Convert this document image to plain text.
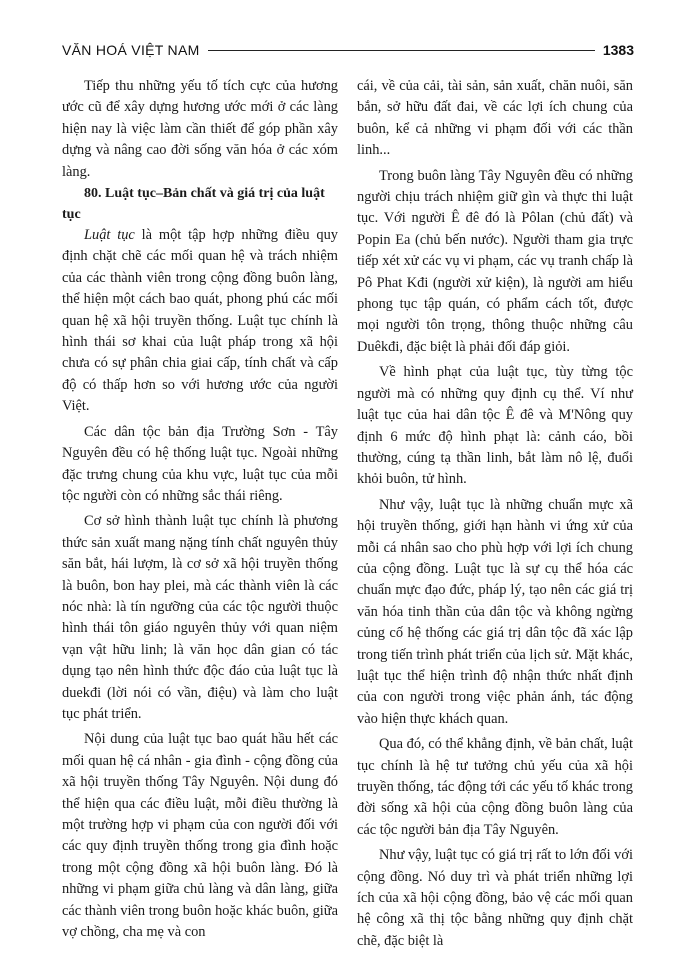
VĂN HOÁ VIỆT NAM	1383

Tiếp thu những yếu tố tích cực của hương ước cũ để xây dựng hương ước mới ở các làng hiện nay là việc làm cần thiết để góp phần xây dựng và nâng cao đời sống văn hóa ở các xóm làng.

80. Luật tục–Bản chất và giá trị của luật tục

Luật tục là một tập hợp những điều quy định chặt chẽ các mối quan hệ và trách nhiệm của các thành viên trong cộng đồng buôn làng, thể hiện một cách bao quát, phong phú các mối quan hệ xã hội truyền thống. Luật tục chính là hình thái sơ khai của luật pháp trong xã hội chưa có sự phân chia giai cấp, tính chất và cấp độ có thấp hơn so với hương ước của người Việt.

Các dân tộc bản địa Trường Sơn - Tây Nguyên đều có hệ thống luật tục. Ngoài những đặc trưng chung của khu vực, luật tục của mỗi tộc người còn có những sắc thái riêng.

Cơ sở hình thành luật tục chính là phương thức sản xuất mang nặng tính chất nguyên thủy săn bắt, hái lượm, là cơ sở xã hội truyền thống là buôn, bon hay plei, mà các thành viên là các nóc nhà: là tín ngưỡng của các tộc người thuộc hình thái tôn giáo nguyên thủy với quan niệm vạn vật hữu linh; là văn học dân gian có tác dụng tạo nên hình thức độc đáo của luật tục là duekđi (lời nói có vần, điệu) và làm cho luật tục phát triển.

Nội dung của luật tục bao quát hầu hết các mối quan hệ cá nhân - gia đình - cộng đồng của xã hội truyền thống Tây Nguyên. Nội dung đó thể hiện qua các điều luật, mỗi điều thường là một trường hợp vi phạm của con người đối với các quy định truyền thống trong gia đình hoặc trong một cộng đồng xã hội buôn làng. Đó là những vi phạm giữa chủ làng và dân làng, giữa các thành viên trong buôn hoặc khác buôn, giữa vợ chồng, cha mẹ và con

cái, về của cải, tài sản, sản xuất, chăn nuôi, săn bắn, sở hữu đất đai, về các lợi ích chung của buôn, kể cả những vi phạm đối với các thần linh...

Trong buôn làng Tây Nguyên đều có những người chịu trách nhiệm giữ gìn và thực thi luật tục. Với người Ê đê đó là Pôlan (chủ đất) và Popin Ea (chủ bến nước). Người tham gia trực tiếp xét xử các vụ vi phạm, các vụ tranh chấp là Pô Phat Kđi (người xử kiện), là người am hiểu phong tục tập quán, có phẩm cách tốt, được mọi người tôn trọng, thông thuộc những câu Duêkđi, đặc biệt là phải đối đáp giỏi.

Về hình phạt của luật tục, tùy từng tộc người mà có những quy định cụ thể. Ví như luật tục của hai dân tộc Ê đê và M'Nông quy định 6 mức độ hình phạt là: cảnh cáo, bồi thường, cúng tạ thần linh, bắt làm nô lệ, đuổi khỏi buôn, tử hình.

Như vậy, luật tục là những chuẩn mực xã hội truyền thống, giới hạn hành vi ứng xử của mỗi cá nhân sao cho phù hợp với lợi ích chung của cộng đồng. Luật tục là sự cụ thể hóa các chuẩn mực đạo đức, pháp lý, tạo nên các giá trị văn hóa tinh thần của dân tộc và không ngừng củng cố hệ thống các giá trị dân tộc đã xác lập trong tiến trình phát triển của lịch sử. Mặt khác, luật tục thể hiện trình độ nhận thức nhất định của con người trong việc phản ánh, tác động vào hiện thực khách quan.

Qua đó, có thể khẳng định, về bản chất, luật tục chính là hệ tư tưởng chủ yếu của xã hội truyền thống, tác động tới các yếu tố khác trong đời sống xã hội của cộng đồng buôn làng của các tộc người bản địa Tây Nguyên.

Như vậy, luật tục có giá trị rất to lớn đối với cộng đồng. Nó duy trì và phát triển những lợi ích của xã hội cộng đồng, bảo vệ các mối quan hệ công xã thị tộc bằng những quy định chặt chẽ, đặc biệt là
